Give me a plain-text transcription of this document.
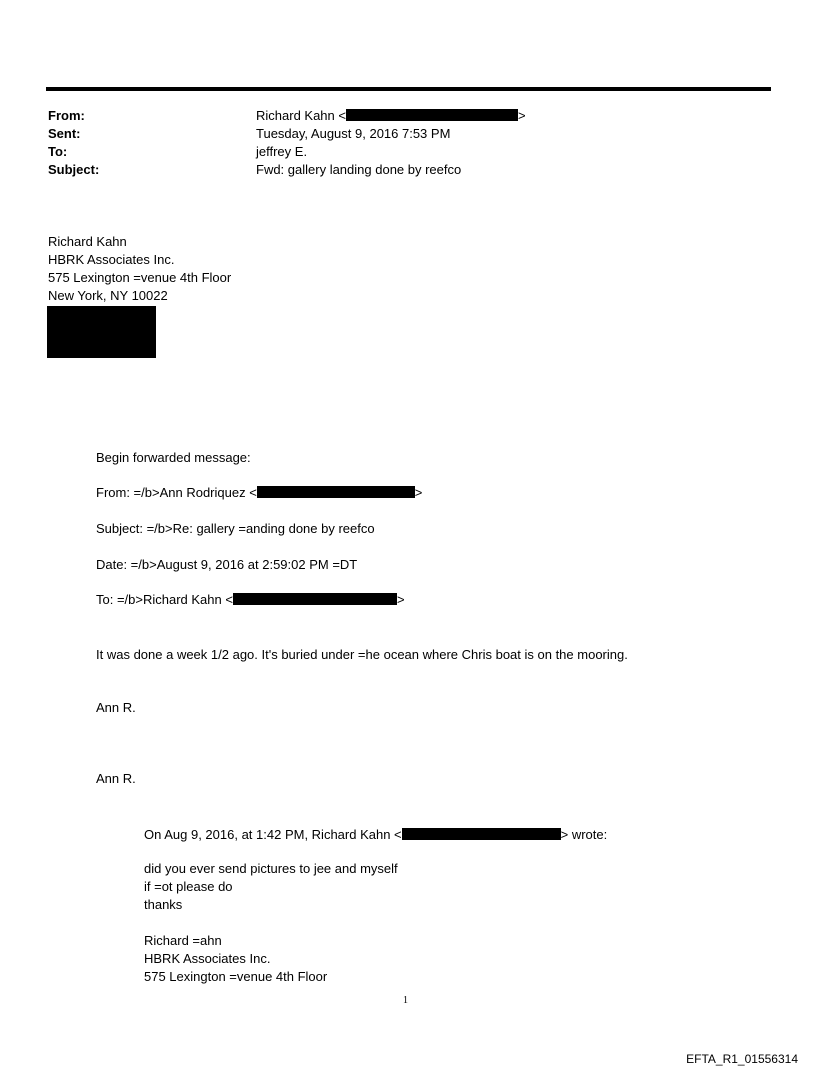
From:	Richard Kahn <	>
Sent:	Tuesday, August 9, 2016 7:53 PM
To:	jeffrey E.
Subject:	Fwd: gallery landing done by reefco
Richard Kahn
HBRK Associates Inc.
575 Lexington =venue 4th Floor
New York, NY 10022
Begin forwarded message:
From: =/b>Ann Rodriquez <	>
Subject: =/b>Re: gallery =anding done by reefco
Date: =/b>August 9, 2016 at 2:59:02 PM =DT
To: =/b>Richard Kahn <	>
It was done a week 1/2 ago. It's buried under =he ocean where Chris boat is on the mooring.
Ann R.
Ann R.
On Aug 9, 2016, at 1:42 PM, Richard Kahn <	> wrote:
did you ever send pictures to jee and myself
if =ot please do
thanks
Richard =ahn
HBRK Associates Inc.
575 Lexington =venue 4th Floor
1
EFTA_R1_01556314
